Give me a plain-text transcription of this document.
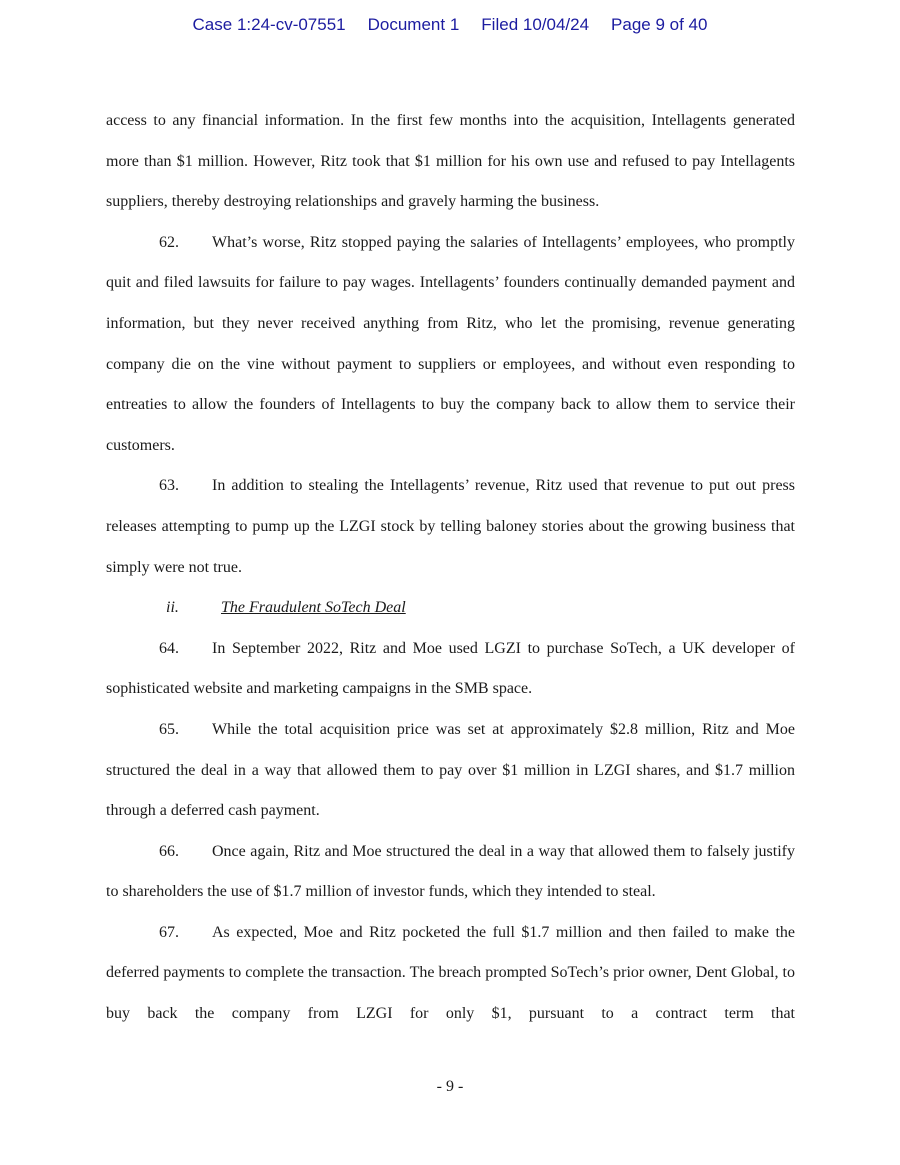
Case 1:24-cv-07551 Document 1 Filed 10/04/24 Page 9 of 40

access to any financial information. In the first few months into the acquisition, Intellagents generated more than $1 million. However, Ritz took that $1 million for his own use and refused to pay Intellagents suppliers, thereby destroying relationships and gravely harming the business.

62. What’s worse, Ritz stopped paying the salaries of Intellagents’ employees, who promptly quit and filed lawsuits for failure to pay wages. Intellagents’ founders continually demanded payment and information, but they never received anything from Ritz, who let the promising, revenue generating company die on the vine without payment to suppliers or employees, and without even responding to entreaties to allow the founders of Intellagents to buy the company back to allow them to service their customers.

63. In addition to stealing the Intellagents’ revenue, Ritz used that revenue to put out press releases attempting to pump up the LZGI stock by telling baloney stories about the growing business that simply were not true.

ii.	The Fraudulent SoTech Deal

64. In September 2022, Ritz and Moe used LGZI to purchase SoTech, a UK developer of sophisticated website and marketing campaigns in the SMB space.

65. While the total acquisition price was set at approximately $2.8 million, Ritz and Moe structured the deal in a way that allowed them to pay over $1 million in LZGI shares, and $1.7 million through a deferred cash payment.

66. Once again, Ritz and Moe structured the deal in a way that allowed them to falsely justify to shareholders the use of $1.7 million of investor funds, which they intended to steal.

67. As expected, Moe and Ritz pocketed the full $1.7 million and then failed to make the deferred payments to complete the transaction. The breach prompted SoTech’s prior owner, Dent Global, to buy back the company from LZGI for only $1, pursuant to a contract term that

- 9 -
